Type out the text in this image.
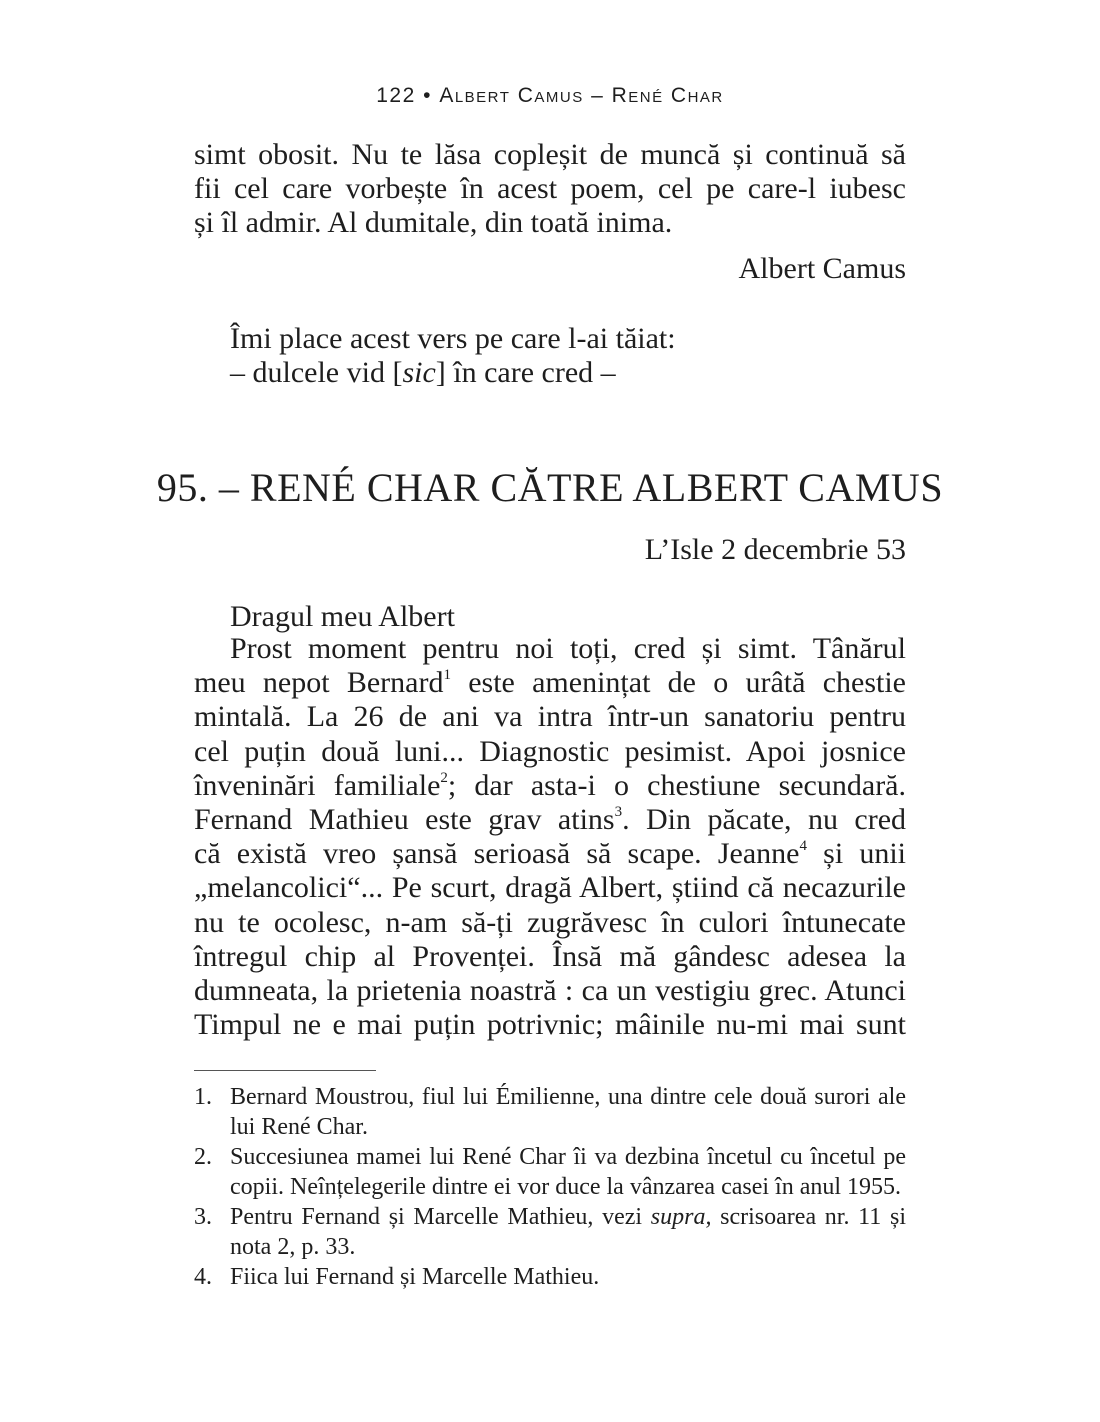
122 • Albert Camus – René Char
simt obosit. Nu te lăsa copleșit de muncă și continuă să
fii cel care vorbește în acest poem, cel pe care-l iubesc
și îl admir. Al dumitale, din toată inima.
Albert Camus
Îmi place acest vers pe care l-ai tăiat:
– dulcele vid [sic] în care cred –
95. – RENÉ CHAR CĂTRE ALBERT CAMUS
L’Isle 2 decembrie 53
Dragul meu Albert
Prost moment pentru noi toți, cred și simt. Tânărul
meu nepot Bernard$^1$ este amenințat de o urâtă chestie
mintală. La 26 de ani va intra într-un sanatoriu pentru
cel puțin două luni... Diagnostic pesimist. Apoi josnice
înveninări familiale$^2$; dar asta-i o chestiune secundară.
Fernand Mathieu este grav atins$^3$. Din păcate, nu cred
că există vreo șansă serioasă să scape. Jeanne$^4$ și unii
„melancolici“... Pe scurt, dragă Albert, știind că necazurile
nu te ocolesc, n-am să-ți zugrăvesc în culori întunecate
întregul chip al Provenței. Însă mă gândesc adesea la
dumneata, la prietenia noastră : ca un vestigiu grec. Atunci
Timpul ne e mai puțin potrivnic; mâinile nu-mi mai sunt
1. Bernard Moustrou, fiul lui Émilienne, una dintre cele două surori ale lui René Char.
2. Succesiunea mamei lui René Char îi va dezbina încetul cu încetul pe copii. Neînțelegerile dintre ei vor duce la vânzarea casei în anul 1955.
3. Pentru Fernand și Marcelle Mathieu, vezi supra, scrisoarea nr. 11 și nota 2, p. 33.
4. Fiica lui Fernand și Marcelle Mathieu.
